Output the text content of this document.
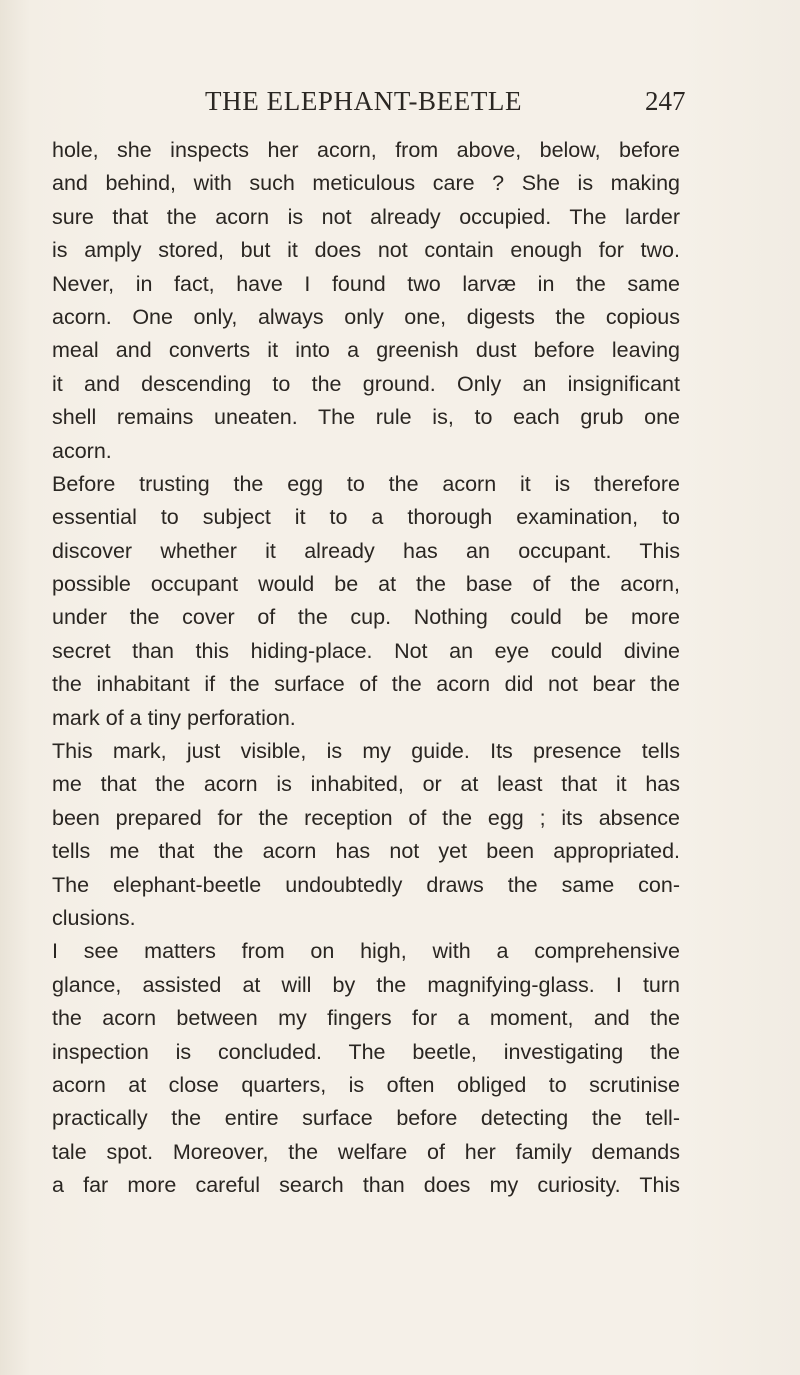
THE ELEPHANT-BEETLE	247
hole, she inspects her acorn, from above, below, before
and behind, with such meticulous care ? She is making
sure that the acorn is not already occupied. The larder
is amply stored, but it does not contain enough for two.
Never, in fact, have I found two larvæ in the same
acorn. One only, always only one, digests the copious
meal and converts it into a greenish dust before leaving
it and descending to the ground. Only an insignificant
shell remains uneaten. The rule is, to each grub one
acorn.
Before trusting the egg to the acorn it is therefore
essential to subject it to a thorough examination, to
discover whether it already has an occupant. This
possible occupant would be at the base of the acorn,
under the cover of the cup. Nothing could be more
secret than this hiding-place. Not an eye could divine
the inhabitant if the surface of the acorn did not bear the
mark of a tiny perforation.
This mark, just visible, is my guide. Its presence tells
me that the acorn is inhabited, or at least that it has
been prepared for the reception of the egg ; its absence
tells me that the acorn has not yet been appropriated.
The elephant-beetle undoubtedly draws the same con-
clusions.
I see matters from on high, with a comprehensive
glance, assisted at will by the magnifying-glass. I turn
the acorn between my fingers for a moment, and the
inspection is concluded. The beetle, investigating the
acorn at close quarters, is often obliged to scrutinise
practically the entire surface before detecting the tell-
tale spot. Moreover, the welfare of her family demands
a far more careful search than does my curiosity. This
